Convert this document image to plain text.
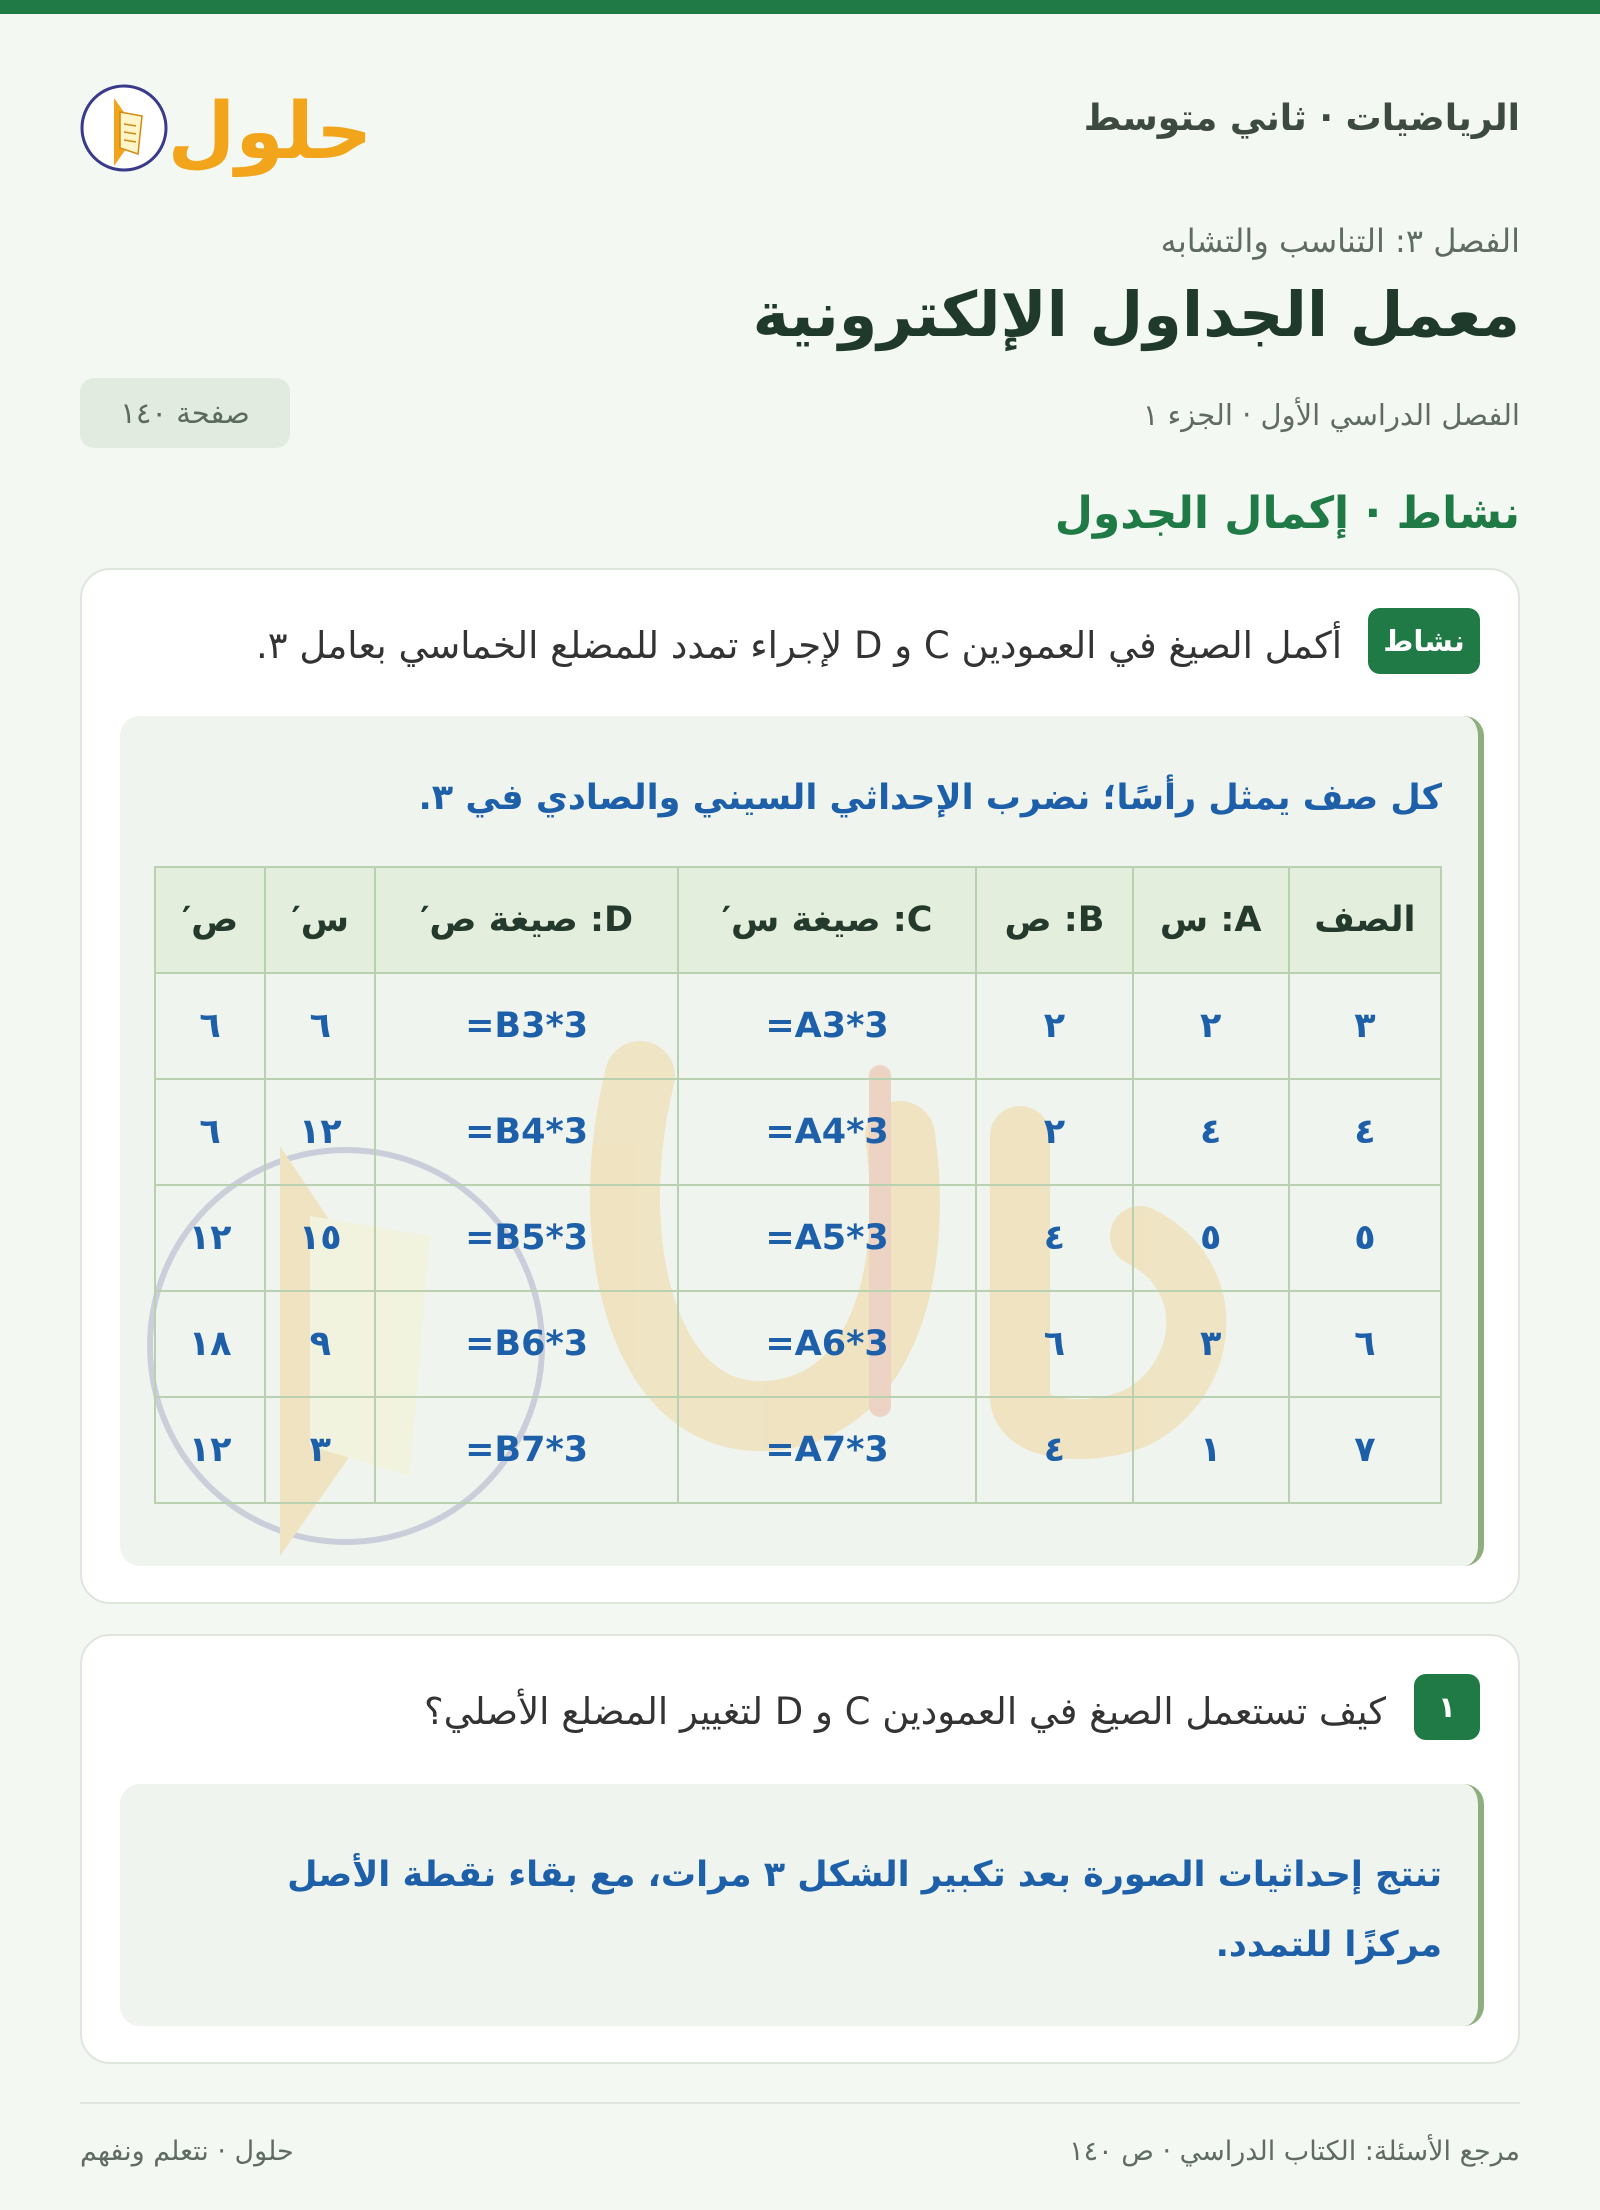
الرياضيات · ثاني متوسط
حلول
الفصل ٣: التناسب والتشابه
معمل الجداول الإلكترونية
الفصل الدراسي الأول · الجزء ١
صفحة ١٤٠
نشاط · إكمال الجدول
نشاط
أكمل الصيغ في العمودين C و D لإجراء تمدد للمضلع الخماسي بعامل ٣.
كل صف يمثل رأسًا؛ نضرب الإحداثي السيني والصادي في ٣.
الصف	A: س	B: ص	C: صيغة س′	D: صيغة ص′	س′	ص′
٣	٢	٢	=A3*3	=B3*3	٦	٦
٤	٤	٢	=A4*3	=B4*3	١٢	٦
٥	٥	٤	=A5*3	=B5*3	١٥	١٢
٦	٣	٦	=A6*3	=B6*3	٩	١٨
٧	١	٤	=A7*3	=B7*3	٣	١٢
١
كيف تستعمل الصيغ في العمودين C و D لتغيير المضلع الأصلي؟
تنتج إحداثيات الصورة بعد تكبير الشكل ٣ مرات، مع بقاء نقطة الأصل مركزًا للتمدد.
مرجع الأسئلة: الكتاب الدراسي · ص ١٤٠
حلول · نتعلم ونفهم
